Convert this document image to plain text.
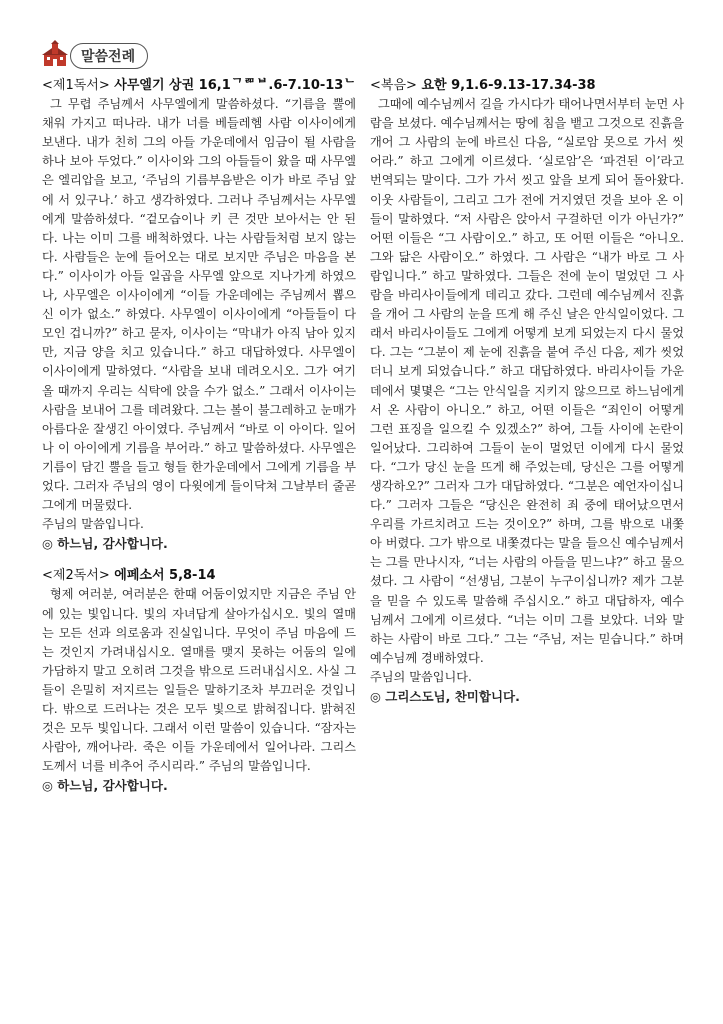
말씀전례
<제1독서> 사무엘기 상권 16,1ᄀᄅᄆᄇ.6-7.10-13ᄂ

그 무렵 주님께서 사무엘에게 말씀하셨다. “기름을 뿔에 채워 가지고 떠나라. 내가 너를 베들레헴 사람 이사이에게 보낸다. 내가 친히 그의 아들 가운데에서 임금이 될 사람을 하나 보아 두었다.” 이사이와 그의 아들들이 왔을 때 사무엘은 엘리압을 보고, ‘주님의 기름부음받은 이가 바로 주님 앞에 서 있구나.’ 하고 생각하였다. 그러나 주님께서는 사무엘에게 말씀하셨다. “겉모습이나 키 큰 것만 보아서는 안 된다. 나는 이미 그를 배척하였다. 나는 사람들처럼 보지 않는다. 사람들은 눈에 들어오는 대로 보지만 주님은 마음을 본다.” 이사이가 아들 일곱을 사무엘 앞으로 지나가게 하였으나, 사무엘은 이사이에게 “이들 가운데에는 주님께서 뽑으신 이가 없소.” 하였다. 사무엘이 이사이에게 “아들들이 다 모인 겁니까?” 하고 묻자, 이사이는 “막내가 아직 남아 있지만, 지금 양을 치고 있습니다.” 하고 대답하였다. 사무엘이 이사이에게 말하였다. “사람을 보내 데려오시오. 그가 여기 올 때까지 우리는 식탁에 앉을 수가 없소.” 그래서 이사이는 사람을 보내어 그를 데려왔다. 그는 볼이 불그레하고 눈매가 아름다운 잘생긴 아이였다. 주님께서 “바로 이 아이다. 일어나 이 아이에게 기름을 부어라.” 하고 말씀하셨다. 사무엘은 기름이 담긴 뿔을 들고 형들 한가운데에서 그에게 기름을 부었다. 그러자 주님의 영이 다윗에게 들이닥쳐 그날부터 줄곧 그에게 머물렀다.

주님의 말씀입니다.

◎ 하느님, 감사합니다.

<제2독서> 에페소서 5,8-14

형제 여러분, 여러분은 한때 어둠이었지만 지금은 주님 안에 있는 빛입니다. 빛의 자녀답게 살아가십시오. 빛의 열매는 모든 선과 의로움과 진실입니다. 무엇이 주님 마음에 드는 것인지 가려내십시오. 열매를 맺지 못하는 어둠의 일에 가담하지 말고 오히려 그것을 밖으로 드러내십시오. 사실 그들이 은밀히 저지르는 일들은 말하기조차 부끄러운 것입니다. 밖으로 드러나는 것은 모두 빛으로 밝혀집니다. 밝혀진 것은 모두 빛입니다. 그래서 이런 말씀이 있습니다. “잠자는 사람아, 깨어나라. 죽은 이들 가운데에서 일어나라. 그리스도께서 너를 비추어 주시리라.” 주님의 말씀입니다.

◎ 하느님, 감사합니다.

<복음> 요한 9,1.6-9.13-17.34-38

그때에 예수님께서 길을 가시다가 태어나면서부터 눈먼 사람을 보셨다. 예수님께서는 땅에 침을 뱉고 그것으로 진흙을 개어 그 사람의 눈에 바르신 다음, “실로암 못으로 가서 씻어라.” 하고 그에게 이르셨다. ‘실로암’은 ‘파견된 이’라고 번역되는 말이다. 그가 가서 씻고 앞을 보게 되어 돌아왔다. 이웃 사람들이, 그리고 그가 전에 거지였던 것을 보아 온 이들이 말하였다. “저 사람은 앉아서 구걸하던 이가 아닌가?” 어떤 이들은 “그 사람이오.” 하고, 또 어떤 이들은 “아니오. 그와 닮은 사람이오.” 하였다. 그 사람은 “내가 바로 그 사람입니다.” 하고 말하였다. 그들은 전에 눈이 멀었던 그 사람을 바리사이들에게 데리고 갔다. 그런데 예수님께서 진흙을 개어 그 사람의 눈을 뜨게 해 주신 날은 안식일이었다. 그래서 바리사이들도 그에게 어떻게 보게 되었는지 다시 물었다. 그는 “그분이 제 눈에 진흙을 붙여 주신 다음, 제가 씻었더니 보게 되었습니다.” 하고 대답하였다. 바리사이들 가운데에서 몇몇은 “그는 안식일을 지키지 않으므로 하느님에게서 온 사람이 아니오.” 하고, 어떤 이들은 “죄인이 어떻게 그런 표징을 일으킬 수 있겠소?” 하여, 그들 사이에 논란이 일어났다. 그리하여 그들이 눈이 멀었던 이에게 다시 물었다. “그가 당신 눈을 뜨게 해 주었는데, 당신은 그를 어떻게 생각하오?” 그러자 그가 대답하였다. “그분은 예언자이십니다.” 그러자 그들은 “당신은 완전히 죄 중에 태어났으면서 우리를 가르치려고 드는 것이오?” 하며, 그를 밖으로 내쫓아 버렸다. 그가 밖으로 내쫓겼다는 말을 들으신 예수님께서는 그를 만나시자, “너는 사람의 아들을 믿느냐?” 하고 물으셨다. 그 사람이 “선생님, 그분이 누구이십니까? 제가 그분을 믿을 수 있도록 말씀해 주십시오.” 하고 대답하자, 예수님께서 그에게 이르셨다. “너는 이미 그를 보았다. 너와 말하는 사람이 바로 그다.” 그는 “주님, 저는 믿습니다.” 하며 예수님께 경배하였다.

주님의 말씀입니다.

◎ 그리스도님, 찬미합니다.
